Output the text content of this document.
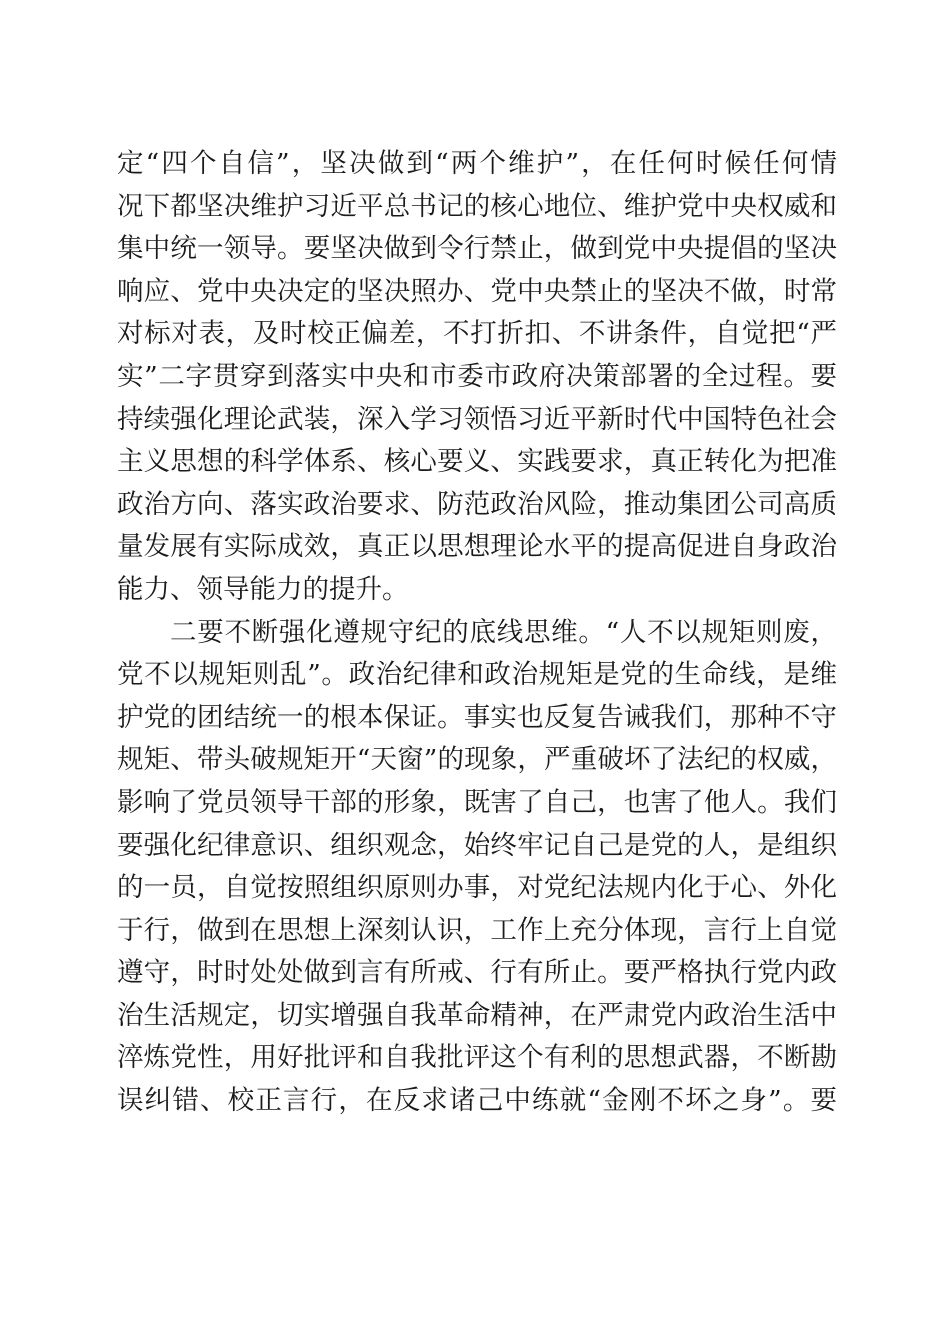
定“四个自信”，坚决做到“两个维护”，在任何时候任何情
况下都坚决维护习近平总书记的核心地位、维护党中央权威和
集中统一领导。要坚决做到令行禁止，做到党中央提倡的坚决
响应、党中央决定的坚决照办、党中央禁止的坚决不做，时常
对标对表，及时校正偏差，不打折扣、不讲条件，自觉把“严
实”二字贯穿到落实中央和市委市政府决策部署的全过程。要
持续强化理论武装，深入学习领悟习近平新时代中国特色社会
主义思想的科学体系、核心要义、实践要求，真正转化为把准
政治方向、落实政治要求、防范政治风险，推动集团公司高质
量发展有实际成效，真正以思想理论水平的提高促进自身政治
能力、领导能力的提升。
二要不断强化遵规守纪的底线思维。“人不以规矩则废，
党不以规矩则乱”。政治纪律和政治规矩是党的生命线，是维
护党的团结统一的根本保证。事实也反复告诫我们，那种不守
规矩、带头破规矩开“天窗”的现象，严重破坏了法纪的权威，
影响了党员领导干部的形象，既害了自己，也害了他人。我们
要强化纪律意识、组织观念，始终牢记自己是党的人，是组织
的一员，自觉按照组织原则办事，对党纪法规内化于心、外化
于行，做到在思想上深刻认识，工作上充分体现，言行上自觉
遵守，时时处处做到言有所戒、行有所止。要严格执行党内政
治生活规定，切实增强自我革命精神，在严肃党内政治生活中
淬炼党性，用好批评和自我批评这个有利的思想武器，不断勘
误纠错、校正言行，在反求诸己中练就“金刚不坏之身”。要
